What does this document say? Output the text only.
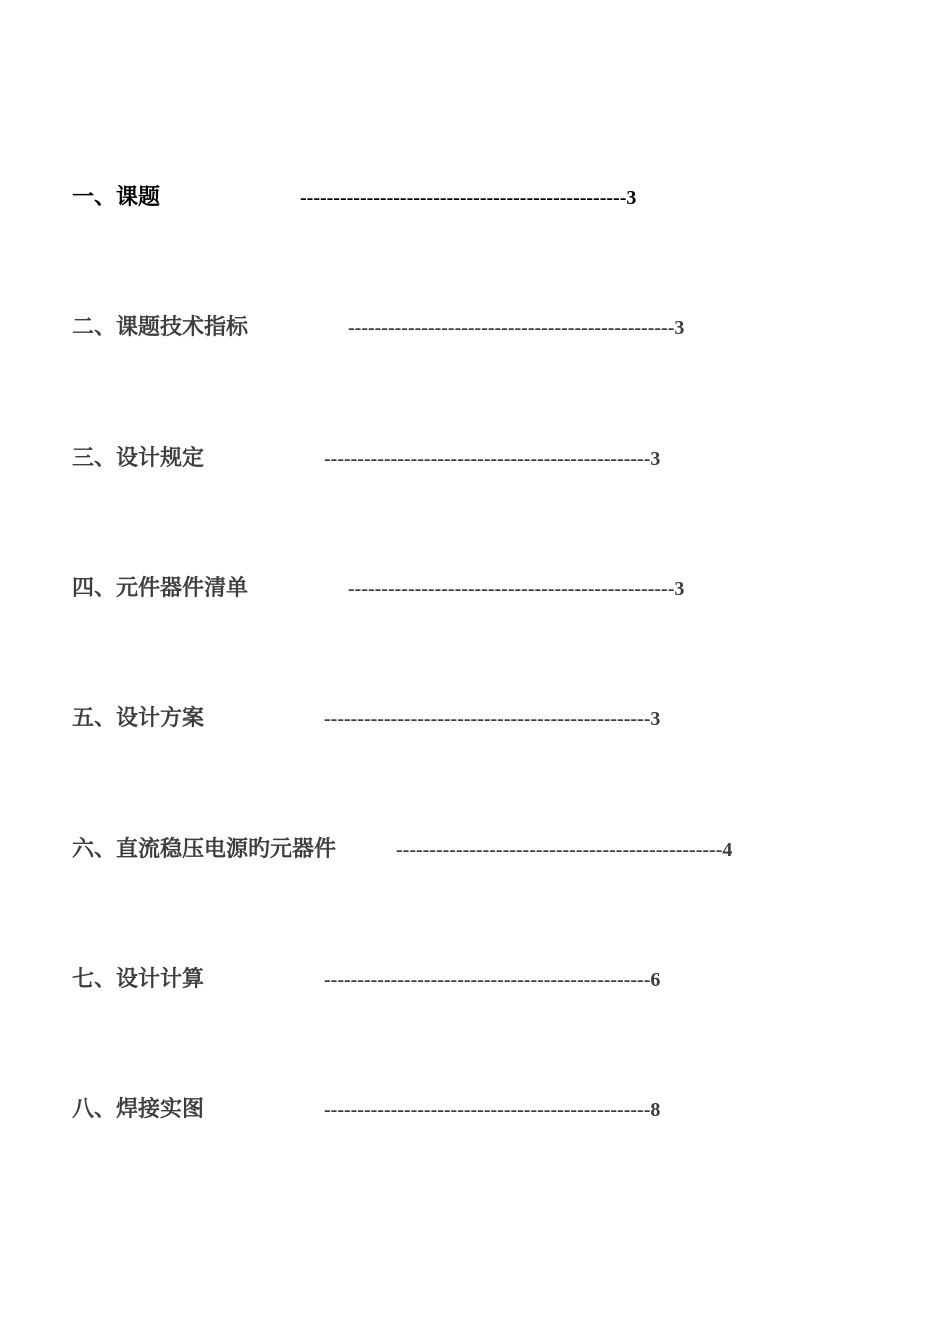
一、课题	-------------------------------------------------3
二、课题技术指标	-------------------------------------------------3
三、设计规定	-------------------------------------------------3
四、元件器件清单	-------------------------------------------------3
五、设计方案	-------------------------------------------------3
六、直流稳压电源旳元器件	-------------------------------------------------4
七、设计计算	-------------------------------------------------6
八、焊接实图	-------------------------------------------------8
